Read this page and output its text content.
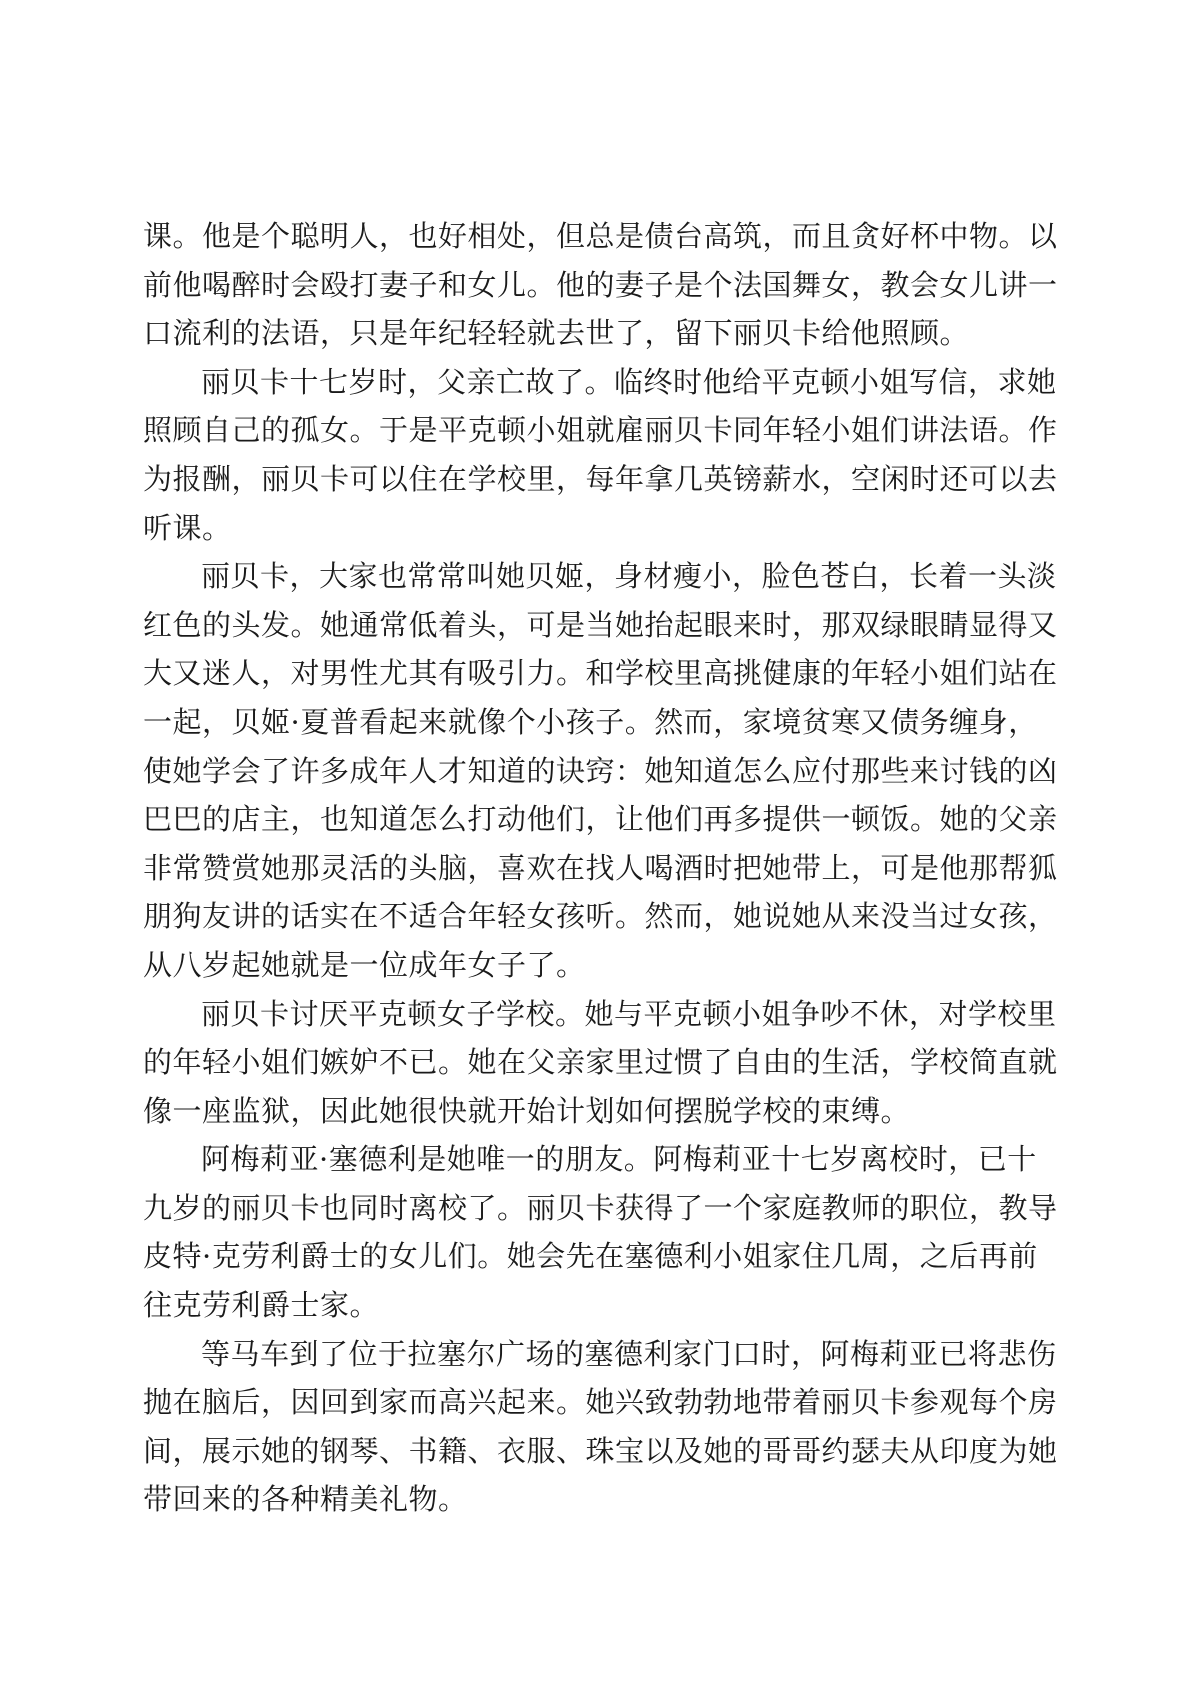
课。他是个聪明人，也好相处，但总是债台高筑，而且贪好杯中物。以
前他喝醉时会殴打妻子和女儿。他的妻子是个法国舞女，教会女儿讲一
口流利的法语，只是年纪轻轻就去世了，留下丽贝卡给他照顾。
丽贝卡十七岁时，父亲亡故了。临终时他给平克顿小姐写信，求她
照顾自己的孤女。于是平克顿小姐就雇丽贝卡同年轻小姐们讲法语。作
为报酬，丽贝卡可以住在学校里，每年拿几英镑薪水，空闲时还可以去
听课。
丽贝卡，大家也常常叫她贝姬，身材瘦小，脸色苍白，长着一头淡
红色的头发。她通常低着头，可是当她抬起眼来时，那双绿眼睛显得又
大又迷人，对男性尤其有吸引力。和学校里高挑健康的年轻小姐们站在
一起，贝姬·夏普看起来就像个小孩子。然而，家境贫寒又债务缠身，
使她学会了许多成年人才知道的诀窍：她知道怎么应付那些来讨钱的凶
巴巴的店主，也知道怎么打动他们，让他们再多提供一顿饭。她的父亲
非常赞赏她那灵活的头脑，喜欢在找人喝酒时把她带上，可是他那帮狐
朋狗友讲的话实在不适合年轻女孩听。然而，她说她从来没当过女孩，
从八岁起她就是一位成年女子了。
丽贝卡讨厌平克顿女子学校。她与平克顿小姐争吵不休，对学校里
的年轻小姐们嫉妒不已。她在父亲家里过惯了自由的生活，学校简直就
像一座监狱，因此她很快就开始计划如何摆脱学校的束缚。
阿梅莉亚·塞德利是她唯一的朋友。阿梅莉亚十七岁离校时，已十
九岁的丽贝卡也同时离校了。丽贝卡获得了一个家庭教师的职位，教导
皮特·克劳利爵士的女儿们。她会先在塞德利小姐家住几周，之后再前
往克劳利爵士家。
等马车到了位于拉塞尔广场的塞德利家门口时，阿梅莉亚已将悲伤
抛在脑后，因回到家而高兴起来。她兴致勃勃地带着丽贝卡参观每个房
间，展示她的钢琴、书籍、衣服、珠宝以及她的哥哥约瑟夫从印度为她
带回来的各种精美礼物。
